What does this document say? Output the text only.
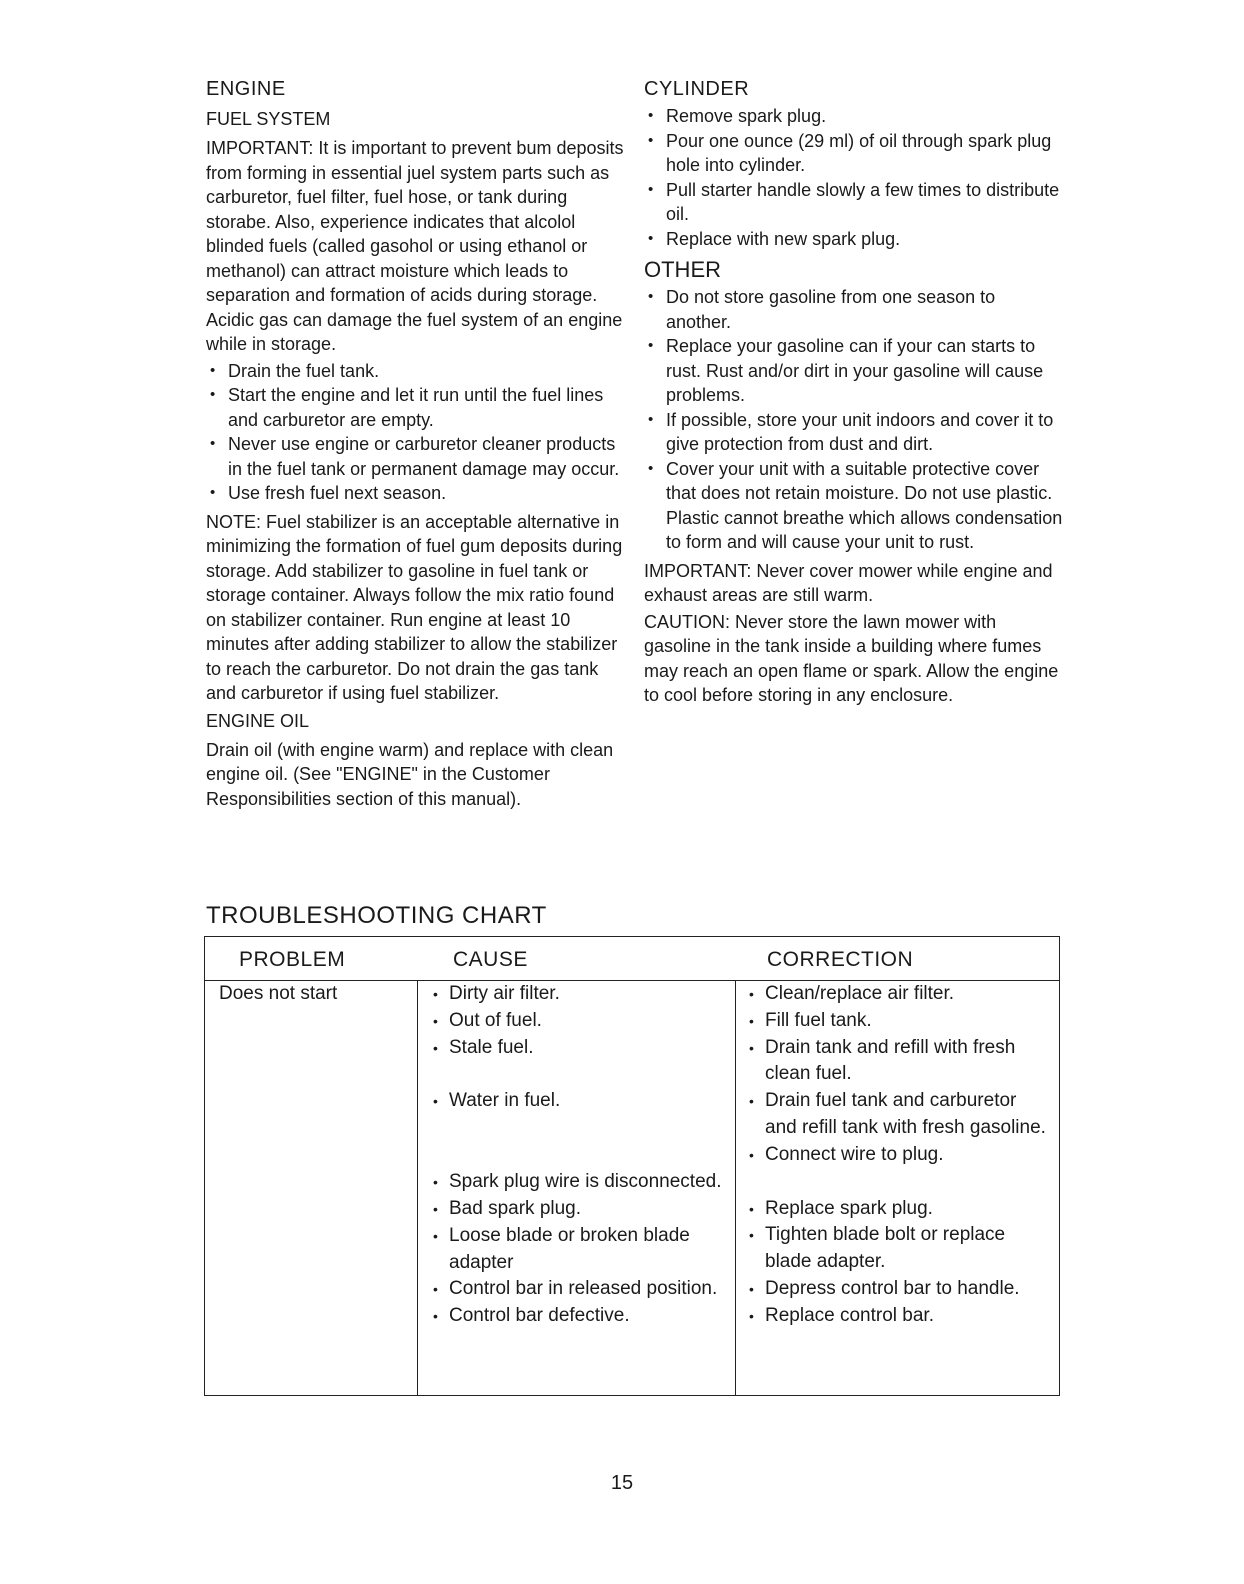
ENGINE
FUEL SYSTEM

IMPORTANT: It is important to prevent bum deposits from forming in essential juel system parts such as carburetor, fuel filter, fuel hose, or tank during storabe. Also, experience indicates that alcolol blinded fuels (called gasohol or using ethanol or methanol) can attract moisture which leads to separation and formation of acids during storage. Acidic gas can damage the fuel system of an engine while in storage.

• Drain the fuel tank.
• Start the engine and let it run until the fuel lines and carburetor are empty.
• Never use engine or carburetor cleaner products in the fuel tank or permanent damage may occur.
• Use fresh fuel next season.

NOTE: Fuel stabilizer is an acceptable alternative in minimizing the formation of fuel gum deposits during storage. Add stabilizer to gasoline in fuel tank or storage container. Always follow the mix ratio found on stabilizer container. Run engine at least 10 minutes after adding stabilizer to allow the stabilizer to reach the carburetor. Do not drain the gas tank and carburetor if using fuel stabilizer.

ENGINE OIL

Drain oil (with engine warm) and replace with clean engine oil. (See "ENGINE" in the Customer Responsibilities section of this manual).

CYLINDER
• Remove spark plug.
• Pour one ounce (29 ml) of oil through spark plug hole into cylinder.
• Pull starter handle slowly a few times to distribute oil.
• Replace with new spark plug.
OTHER
• Do not store gasoline from one season to another.
• Replace your gasoline can if your can starts to rust. Rust and/or dirt in your gasoline will cause problems.
• If possible, store your unit indoors and cover it to give protection from dust and dirt.
• Cover your unit with a suitable protective cover that does not retain moisture. Do not use plastic. Plastic cannot breathe which allows condensation to form and will cause your unit to rust.

IMPORTANT: Never cover mower while engine and exhaust areas are still warm.

CAUTION: Never store the lawn mower with gasoline in the tank inside a building where fumes may reach an open flame or spark. Allow the engine to cool before storing in any enclosure.

TROUBLESHOOTING CHART
PROBLEM	CAUSE	CORRECTION
Does not start
•	Dirty air filter.
• Out of fuel.
• Stale fuel.
• Water in fuel.
• Spark plug wire is disconnected.
• Bad spark plug.
• Loose blade or broken blade adapter
• Control bar in released position.
• Control bar defective.
• Clean/replace air filter.
• Fill fuel tank.
• Drain tank and refill with fresh clean fuel.
• Drain fuel tank and carburetor and refill tank with fresh gasoline.
• Connect wire to plug.
• Replace spark plug.
• Tighten blade bolt or replace blade adapter.
• Depress control bar to handle.
• Replace control bar.
15
